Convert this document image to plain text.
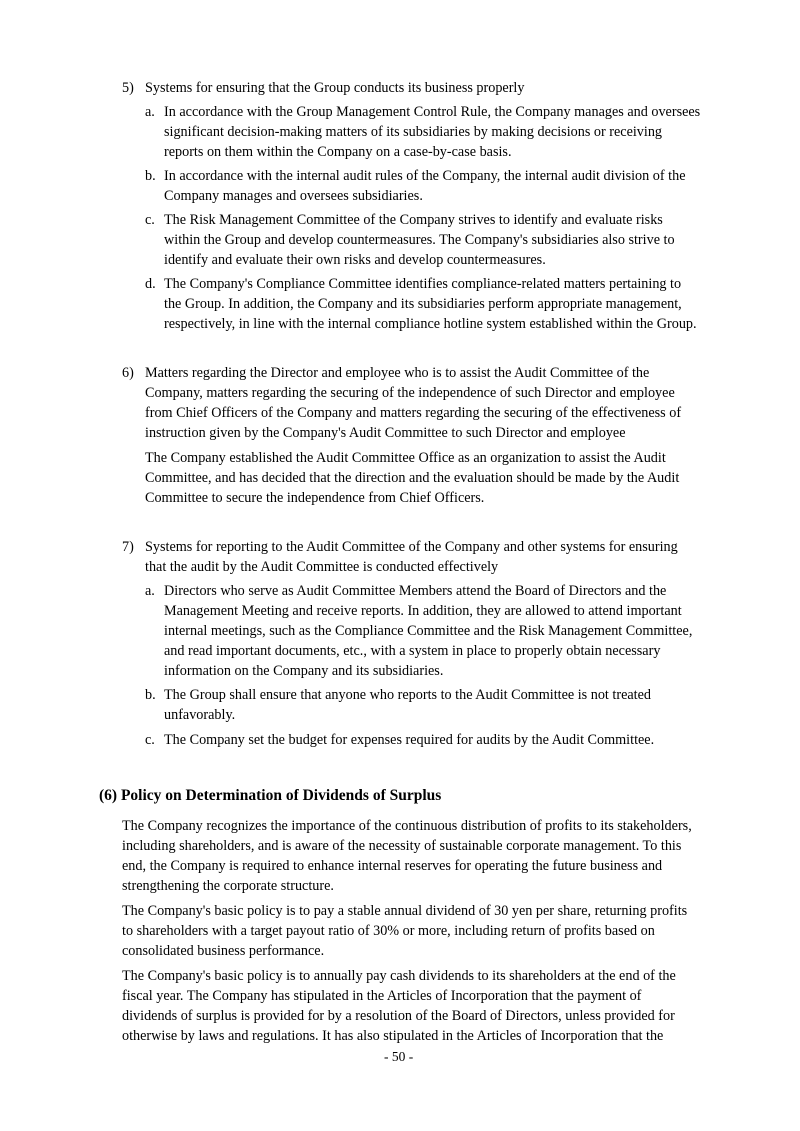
5) Systems for ensuring that the Group conducts its business properly
a. In accordance with the Group Management Control Rule, the Company manages and oversees
significant decision-making matters of its subsidiaries by making decisions or receiving
reports on them within the Company on a case-by-case basis.
b. In accordance with the internal audit rules of the Company, the internal audit division of the
Company manages and oversees subsidiaries.
c. The Risk Management Committee of the Company strives to identify and evaluate risks
within the Group and develop countermeasures. The Company's subsidiaries also strive to
identify and evaluate their own risks and develop countermeasures.
d. The Company's Compliance Committee identifies compliance-related matters pertaining to
the Group. In addition, the Company and its subsidiaries perform appropriate management,
respectively, in line with the internal compliance hotline system established within the Group.
6) Matters regarding the Director and employee who is to assist the Audit Committee of the
Company, matters regarding the securing of the independence of such Director and employee
from Chief Officers of the Company and matters regarding the securing of the effectiveness of
instruction given by the Company's Audit Committee to such Director and employee
The Company established the Audit Committee Office as an organization to assist the Audit
Committee, and has decided that the direction and the evaluation should be made by the Audit
Committee to secure the independence from Chief Officers.
7) Systems for reporting to the Audit Committee of the Company and other systems for ensuring
that the audit by the Audit Committee is conducted effectively
a. Directors who serve as Audit Committee Members attend the Board of Directors and the
Management Meeting and receive reports. In addition, they are allowed to attend important
internal meetings, such as the Compliance Committee and the Risk Management Committee,
and read important documents, etc., with a system in place to properly obtain necessary
information on the Company and its subsidiaries.
b. The Group shall ensure that anyone who reports to the Audit Committee is not treated
unfavorably.
c. The Company set the budget for expenses required for audits by the Audit Committee.
(6) Policy on Determination of Dividends of Surplus
The Company recognizes the importance of the continuous distribution of profits to its stakeholders,
including shareholders, and is aware of the necessity of sustainable corporate management. To this
end, the Company is required to enhance internal reserves for operating the future business and
strengthening the corporate structure.
The Company's basic policy is to pay a stable annual dividend of 30 yen per share, returning profits
to shareholders with a target payout ratio of 30% or more, including return of profits based on
consolidated business performance.
The Company's basic policy is to annually pay cash dividends to its shareholders at the end of the
fiscal year. The Company has stipulated in the Articles of Incorporation that the payment of
dividends of surplus is provided for by a resolution of the Board of Directors, unless provided for
otherwise by laws and regulations. It has also stipulated in the Articles of Incorporation that the
- 50 -
